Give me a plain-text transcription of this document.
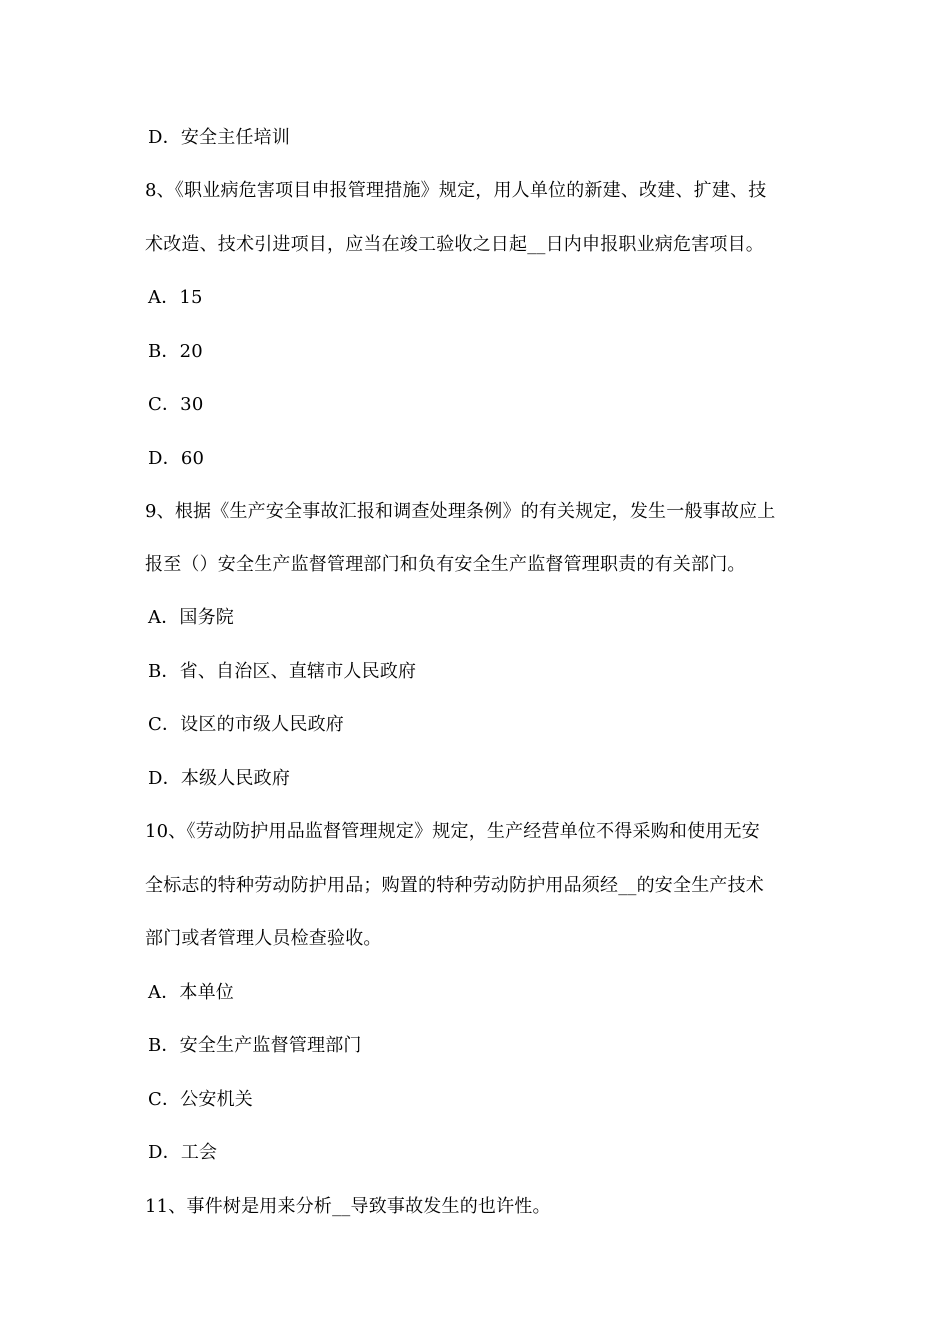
D．安全主任培训
8、《职业病危害项目申报管理措施》规定，用人单位的新建、改建、扩建、技
术改造、技术引进项目，应当在竣工验收之日起__日内申报职业病危害项目。
A．15
B．20
C．30
D．60
9、根据《生产安全事故汇报和调查处理条例》的有关规定，发生一般事故应上
报至（）安全生产监督管理部门和负有安全生产监督管理职责的有关部门。
A．国务院
B．省、自治区、直辖市人民政府
C．设区的市级人民政府
D．本级人民政府
10、《劳动防护用品监督管理规定》规定，生产经营单位不得采购和使用无安
全标志的特种劳动防护用品；购置的特种劳动防护用品须经__的安全生产技术
部门或者管理人员检查验收。
A．本单位
B．安全生产监督管理部门
C．公安机关
D．工会
11、事件树是用来分析__导致事故发生的也许性。
